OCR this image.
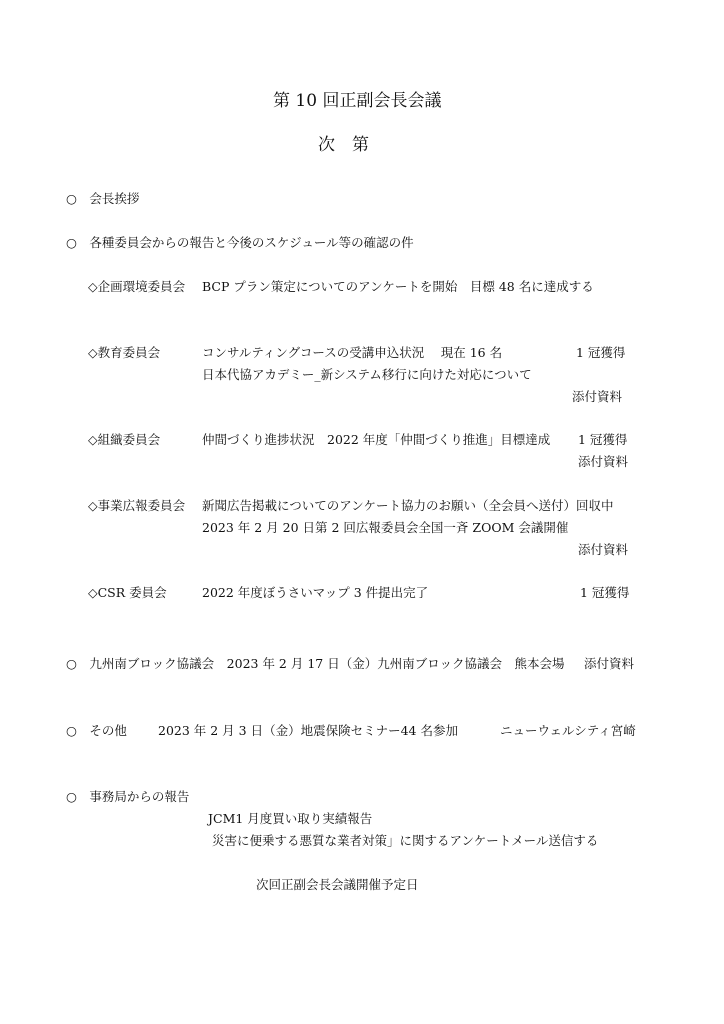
第 10 回正副会長会議
次　第
○　会長挨拶
○　各種委員会からの報告と今後のスケジュール等の確認の件
◇企画環境委員会 BCP プラン策定についてのアンケートを開始　目標 48 名に達成する
◇教育委員会	コンサルティングコースの受講申込状況　 現在 16 名	1 冠獲得
日本代協アカデミー_新システム移行に向けた対応について
添付資料
◇組織委員会	仲間づくり進捗状況　2022 年度「仲間づくり推進」目標達成 1 冠獲得
添付資料
◇事業広報委員会 新聞広告掲載についてのアンケート協力のお願い（全会員へ送付）回収中
2023 年 2 月 20 日第 2 回広報委員会全国一斉 ZOOM 会議開催
添付資料
◇CSR 委員会	2022 年度ぼうさいマップ 3 件提出完了	1 冠獲得
○　九州南ブロック協議会　2023 年 2 月 17 日（金）九州南ブロック協議会　熊本会場 添付資料
○　その他 2023 年 2 月 3 日（金）地震保険セミナー44 名参加	ニューウェルシティ宮崎
○　事務局からの報告
JCM1 月度買い取り実績報告
災害に便乗する悪質な業者対策」に関するアンケートメール送信する
次回正副会長会議開催予定日
